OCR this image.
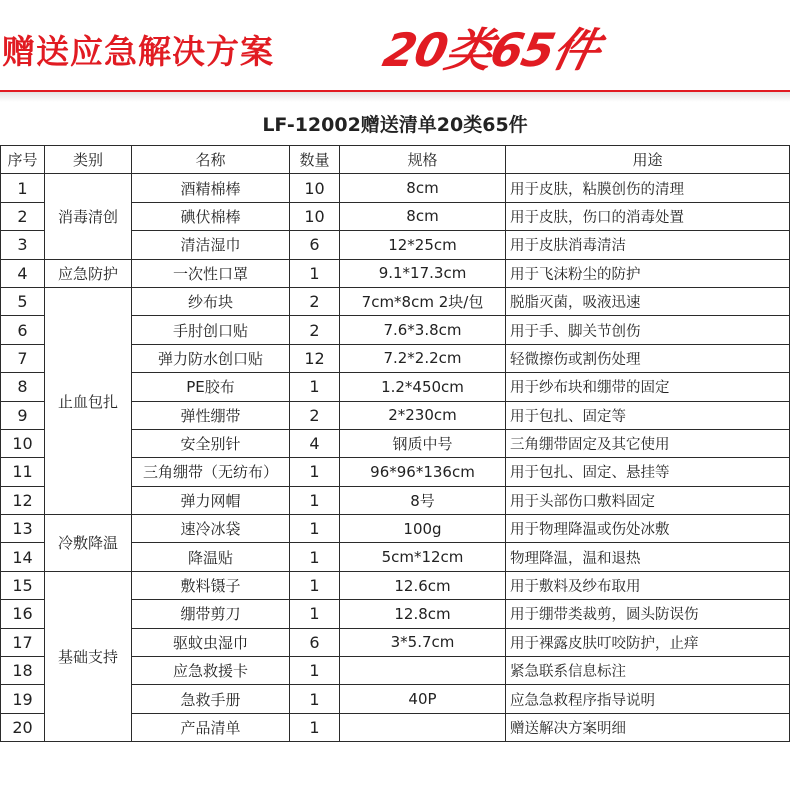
赠送应急解决方案 20类65件
LF-12002赠送清单20类65件
序号	类别	名称	数量	规格	用途
1	消毒清创	酒精棉棒	10	8cm	用于皮肤，粘膜创伤的清理
2		碘伏棉棒	10	8cm	用于皮肤，伤口的消毒处置
3		清洁湿巾	6	12*25cm	用于皮肤消毒清洁
4	应急防护	一次性口罩	1	9.1*17.3cm	用于飞沫粉尘的防护
5	止血包扎	纱布块	2	7cm*8cm 2块/包	脱脂灭菌，吸液迅速
6		手肘创口贴	2	7.6*3.8cm	用于手、脚关节创伤
7		弹力防水创口贴	12	7.2*2.2cm	轻微擦伤或割伤处理
8		PE胶布	1	1.2*450cm	用于纱布块和绷带的固定
9		弹性绷带	2	2*230cm	用于包扎、固定等
10		安全别针	4	钢质中号	三角绷带固定及其它使用
11		三角绷带（无纺布）	1	96*96*136cm	用于包扎、固定、悬挂等
12		弹力网帽	1	8号	用于头部伤口敷料固定
13	冷敷降温	速冷冰袋	1	100g	用于物理降温或伤处冰敷
14		降温贴	1	5cm*12cm	物理降温，温和退热
15	基础支持	敷料镊子	1	12.6cm	用于敷料及纱布取用
16		绷带剪刀	1	12.8cm	用于绷带类裁剪，圆头防误伤
17		驱蚊虫湿巾	6	3*5.7cm	用于裸露皮肤叮咬防护，止痒
18		应急救援卡	1		紧急联系信息标注
19		急救手册	1	40P	应急急救程序指导说明
20		产品清单	1		赠送解决方案明细
